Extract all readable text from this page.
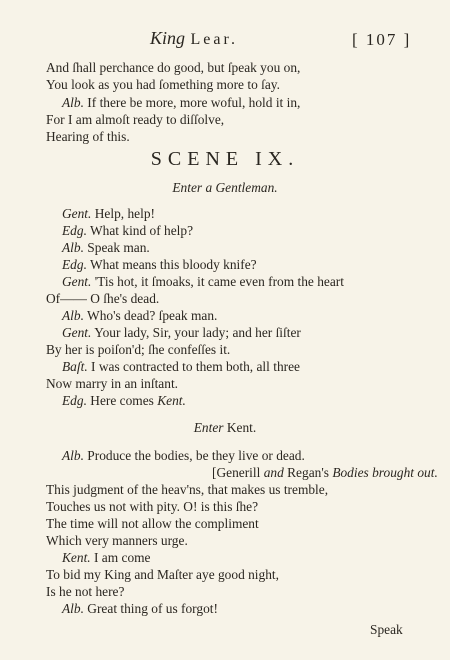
King Lear.	[ 107 ]
And ſhall perchance do good, but ſpeak you on,
You look as you had ſomething more to ſay.
Alb. If there be more, more woful, hold it in,
For I am almoſt ready to diſſolve,
Hearing of this.
SCENE IX.
Enter a Gentleman.
Gent. Help, help!
Edg. What kind of help?
Alb. Speak man.
Edg. What means this bloody knife?
Gent. 'Tis hot, it ſmoaks, it came even from the heart
Of—— O ſhe's dead.
Alb. Who's dead? ſpeak man.
Gent. Your lady, Sir, your lady; and her ſiſter
By her is poiſon'd; ſhe confeſſes it.
Baſt. I was contracted to them both, all three
Now marry in an inſtant.
Edg. Here comes Kent.
Enter Kent.
Alb. Produce the bodies, be they live or dead.
[Generill and Regan's Bodies brought out.
This judgment of the heav'ns, that makes us tremble,
Touches us not with pity. O! is this ſhe?
The time will not allow the compliment
Which very manners urge.
Kent. I am come
To bid my King and Maſter aye good night,
Is he not here?
Alb. Great thing of us forgot!
Speak
